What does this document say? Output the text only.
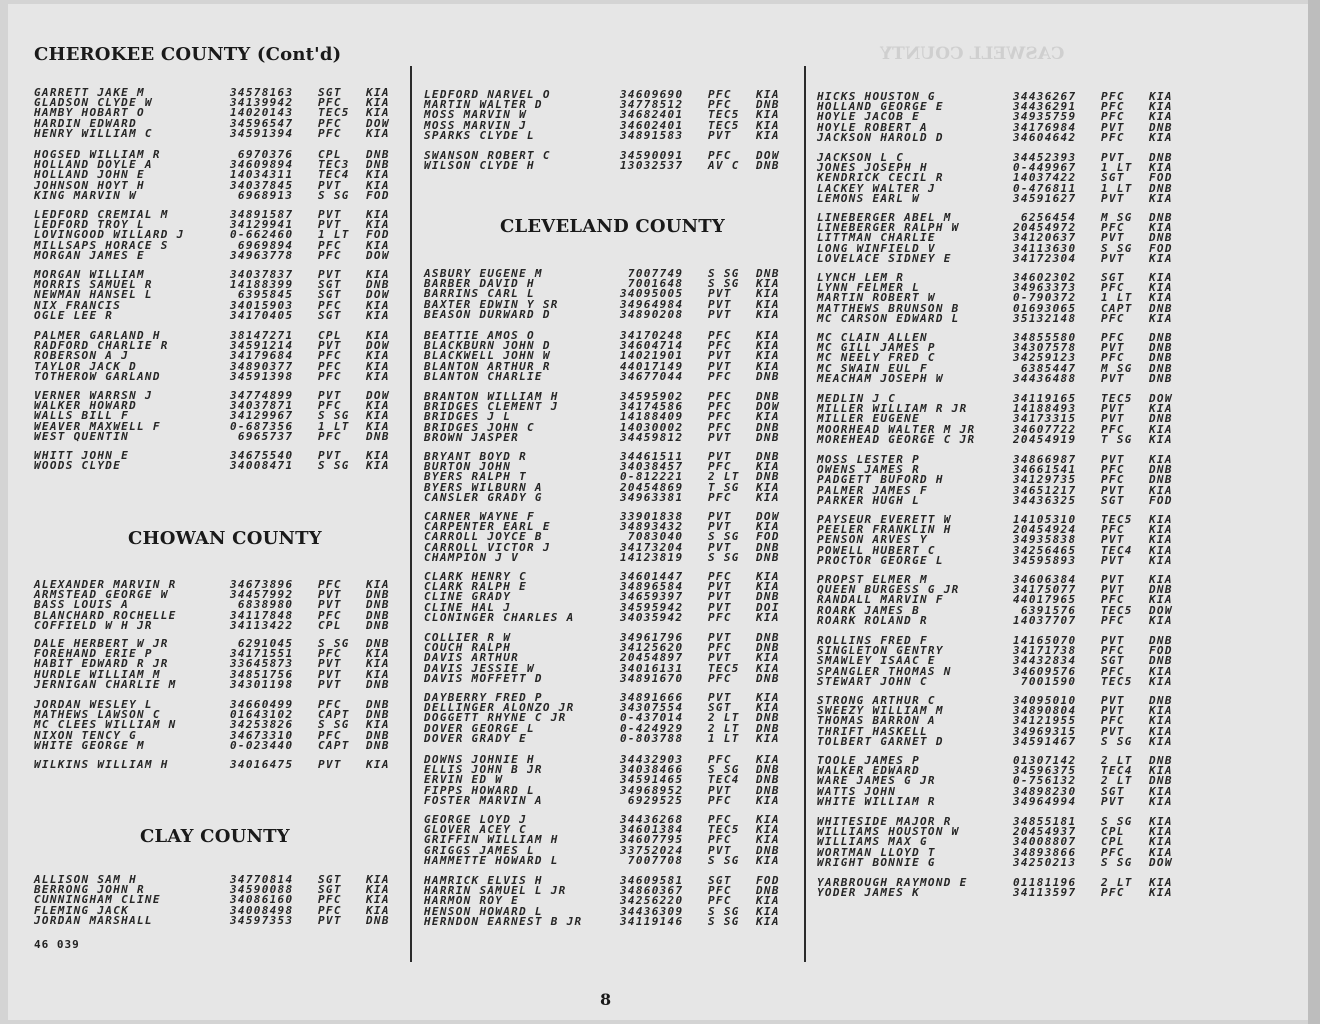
CASWELL COUNTY
CHEROKEE COUNTY (Cont'd)
GARRETT JAKE M	34578163 SGT KIA
GLADSON CLYDE W	34139942 PFC KIA
HAMBY HOBART O	14020143 TEC5 KIA
HARDIN EDWARD	34596547 PFC DOW
HENRY WILLIAM C	34591394 PFC KIA
HOGSED WILLIAM R	6970376 CPL DNB
HOLLAND DOYLE A	34609894 TEC3 DNB
HOLLAND JOHN E	14034311 TEC4 KIA
JOHNSON HOYT H	34037845 PVT KIA
KING MARVIN W	6968913 S SG FOD
LEDFORD CREMIAL M	34891587 PVT KIA
LEDFORD TROY L	34129941 PVT KIA
LOVINGOOD WILLARD J	0-662460 1 LT FOD
MILLSAPS HORACE S	6969894 PFC KIA
MORGAN JAMES E	34963778 PFC DOW
MORGAN WILLIAM	34037837 PVT KIA
MORRIS SAMUEL R	14188399 SGT DNB
NEWMAN HANSEL L	6395845 SGT DOW
NIX FRANCIS	34015903 PFC KIA
OGLE LEE R	34170405 SGT KIA
PALMER GARLAND H	38147271 CPL KIA
RADFORD CHARLIE R	34591214 PVT DOW
ROBERSON A J	34179684 PFC KIA
TAYLOR JACK D	34890377 PFC KIA
TOTHEROW GARLAND	34591398 PFC KIA
VERNER WARRSN J	34774899 PVT DOW
WALKER HOWARD	34037871 PFC KIA
WALLS BILL F	34129967 S SG KIA
WEAVER MAXWELL F	0-687356 1 LT KIA
WEST QUENTIN	6965737 PFC DNB
WHITT JOHN E	34675540 PVT KIA
WOODS CLYDE	34008471 S SG KIA
CHOWAN COUNTY
ALEXANDER MARVIN R	34673896 PFC KIA
ARMSTEAD GEORGE W	34457992 PVT DNB
BASS LOUIS A	6838980 PVT DNB
BLANCHARD ROCHELLE	34117848 PFC DNB
COFFIELD W H JR	34113422 CPL DNB
DALE HERBERT W JR	6291045 S SG DNB
FOREHAND ERIE P	34171551 PFC KIA
HABIT EDWARD R JR	33645873 PVT KIA
HURDLE WILLIAM M	34851756 PVT KIA
JERNIGAN CHARLIE M	34301198 PVT DNB
JORDAN WESLEY L	34660499 PFC DNB
MATHEWS LAWSON C	01643102 CAPT DNB
MC CLEES WILLIAM N	34253826 S SG KIA
NIXON TENCY G	34673310 PFC DNB
WHITE GEORGE M	0-023440 CAPT DNB
WILKINS WILLIAM H	34016475 PVT KIA
CLAY COUNTY
ALLISON SAM H	34770814 SGT KIA
BERRONG JOHN R	34590088 SGT KIA
CUNNINGHAM CLINE	34086160 PFC KIA
FLEMING JACK	34008498 PFC KIA
JORDAN MARSHALL	34597353 PVT DNB
LEDFORD NARVEL O	34609690 PFC KIA
MARTIN WALTER D	34778512 PFC DNB
MOSS MARVIN W	34682401 TEC5 KIA
MOSS MARVIN J	34602401 TEC5 KIA
SPARKS CLYDE L	34891583 PVT KIA
SWANSON ROBERT C	34590091 PFC DOW
WILSON CLYDE H	13032537 AV C DNB
CLEVELAND COUNTY
ASBURY EUGENE M	7007749 S SG DNB
BARBER DAVID H	7001648 S SG KIA
BARRINS CARL L	34095005 PVT KIA
BAXTER EDWIN Y SR	34964984 PVT KIA
BEASON DURWARD D	34890208 PVT KIA
BEATTIE AMOS O	34170248 PFC KIA
BLACKBURN JOHN D	34604714 PFC KIA
BLACKWELL JOHN W	14021901 PVT KIA
BLANTON ARTHUR R	44017149 PVT KIA
BLANTON CHARLIE	34677044 PFC DNB
BRANTON WILLIAM H	34595902 PFC DNB
BRIDGES CLEMENT J	34174586 PFC DOW
BRIDGES J L	14188409 PFC KIA
BRIDGES JOHN C	14030002 PFC DNB
BROWN JASPER	34459812 PVT DNB
BRYANT BOYD R	34461511 PVT DNB
BURTON JOHN	34038457 PFC KIA
BYERS RALPH T	0-812221 2 LT DNB
BYERS WILBURN A	20454869 T SG KIA
CANSLER GRADY G	34963381 PFC KIA
CARNER WAYNE F	33901838 PVT DOW
CARPENTER EARL E	34893432 PVT KIA
CARROLL JOYCE B	7083040 S SG FOD
CARROLL VICTOR J	34173204 PVT DNB
CHAMPION J V	14123819 S SG DNB
CLARK HENRY C	34601447 PFC KIA
CLARK RALPH E	34896584 PVT KIA
CLINE GRADY	34659397 PVT DNB
CLINE HAL J	34595942 PVT DOI
CLONINGER CHARLES A	34035942 PFC KIA
COLLIER R W	34961796 PVT DNB
COUCH RALPH	34125620 PFC DNB
DAVIS ARTHUR	20454897 PVT KIA
DAVIS JESSIE W	34016131 TEC5 KIA
DAVIS MOFFETT D	34891670 PFC DNB
DAYBERRY FRED P	34891666 PVT KIA
DELLINGER ALONZO JR	34307554 SGT KIA
DOGGETT RHYNE C JR	0-437014 2 LT DNB
DOVER GEORGE L	0-424929 2 LT DNB
DOVER GRADY E	0-803788 1 LT KIA
DOWNS JOHNIE H	34432903 PFC KIA
ELLIS JOHN B JR	34038466 S SG DNB
ERVIN ED W	34591465 TEC4 DNB
FIPPS HOWARD L	34968952 PVT DNB
FOSTER MARVIN A	6929525 PFC KIA
GEORGE LOYD J	34436268 PFC KIA
GLOVER ACEY C	34601384 TEC5 KIA
GRIFFIN WILLIAM H	34607795 PFC KIA
GRIGGS JAMES L	33752024 PVT DNB
HAMMETTE HOWARD L	7007708 S SG KIA
HAMRICK ELVIS H	34609581 SGT FOD
HARRIN SAMUEL L JR	34860367 PFC DNB
HARMON ROY E	34256220 PFC KIA
HENSON HOWARD L	34436309 S SG KIA
HERNDON EARNEST B JR	34119146 S SG KIA
HICKS HOUSTON G	34436267 PFC KIA
HOLLAND GEORGE E	34436291 PFC KIA
HOYLE JACOB E	34935759 PFC KIA
HOYLE ROBERT A	34176984 PVT DNB
JACKSON HAROLD D	34604642 PFC KIA
JACKSON L C	34452393 PVT DNB
JONES JOSEPH H	0-449967 1 LT KIA
KENDRICK CECIL R	14037422 SGT FOD
LACKEY WALTER J	0-476811 1 LT DNB
LEMONS EARL W	34591627 PVT KIA
LINEBERGER ABEL M	6256454 M SG DNB
LINEBERGER RALPH W	20454972 PFC KIA
LITTMAN CHARLIE	34120637 PVT DNB
LONG WINFIELD V	34113630 S SG FOD
LOVELACE SIDNEY E	34172304 PVT KIA
LYNCH LEM R	34602302 SGT KIA
LYNN FELMER L	34963373 PFC KIA
MARTIN ROBERT W	0-790372 1 LT KIA
MATTHEWS BRUNSON B	01693065 CAPT DNB
MC CARSON EDWARD L	35132148 PFC KIA
MC CLAIN ALLEN	34855580 PFC DNB
MC GILL JAMES P	34307578 PVT DNB
MC NEELY FRED C	34259123 PFC DNB
MC SWAIN EUL F	6385447 M SG DNB
MEACHAM JOSEPH W	34436488 PVT DNB
MEDLIN J C	34119165 TEC5 DOW
MILLER WILLIAM R JR	14188493 PVT KIA
MILLER EUGENE	34173315 PVT DNB
MOORHEAD WALTER M JR	34607722 PFC KIA
MOREHEAD GEORGE C JR	20454919 T SG KIA
MOSS LESTER P	34866987 PVT KIA
OWENS JAMES R	34661541 PFC DNB
PADGETT BUFORD H	34129735 PFC DNB
PALMER JAMES F	34651217 PVT KIA
PARKER HUGH L	34436325 SGT FOD
PAYSEUR EVERETT W	14105310 TEC5 KIA
PEELER FRANKLIN H	20454924 PFC KIA
PENSON ARVES Y	34935838 PVT KIA
POWELL HUBERT C	34256465 TEC4 KIA
PROCTOR GEORGE L	34595893 PVT KIA
PROPST ELMER M	34606384 PVT KIA
QUEEN BURGESS G JR	34175077 PVT DNB
RANDALL MARVIN F	44017965 PFC KIA
ROARK JAMES B	6391576 TEC5 DOW
ROARK ROLAND R	14037707 PFC KIA
ROLLINS FRED F	14165070 PVT DNB
SINGLETON GENTRY	34171738 PFC FOD
SMAWLEY ISAAC E	34432834 SGT DNB
SPANGLER THOMAS N	34609576 PFC KIA
STEWART JOHN C	7001590 TEC5 KIA
STRONG ARTHUR C	34095010 PVT DNB
SWEEZY WILLIAM M	34890804 PVT KIA
THOMAS BARRON A	34121955 PFC KIA
THRIFT HASKELL	34969315 PVT KIA
TOLBERT GARNET D	34591467 S SG KIA
TOOLE JAMES P	01307142 2 LT DNB
WALKER EDWARD	34596375 TEC4 KIA
WARE JAMES G JR	0-756132 2 LT DNB
WATTS JOHN	34898230 SGT KIA
WHITE WILLIAM R	34964994 PVT KIA
WHITESIDE MAJOR R	34855181 S SG KIA
WILLIAMS HOUSTON W	20454937 CPL KIA
WILLIAMS MAX G	34008807 CPL KIA
WORTMAN LLOYD T	34893866 PFC KIA
WRIGHT BONNIE G	34250213 S SG DOW
YARBROUGH RAYMOND E	01181196 2 LT KIA
YODER JAMES K	34113597 PFC KIA
46 039
8
